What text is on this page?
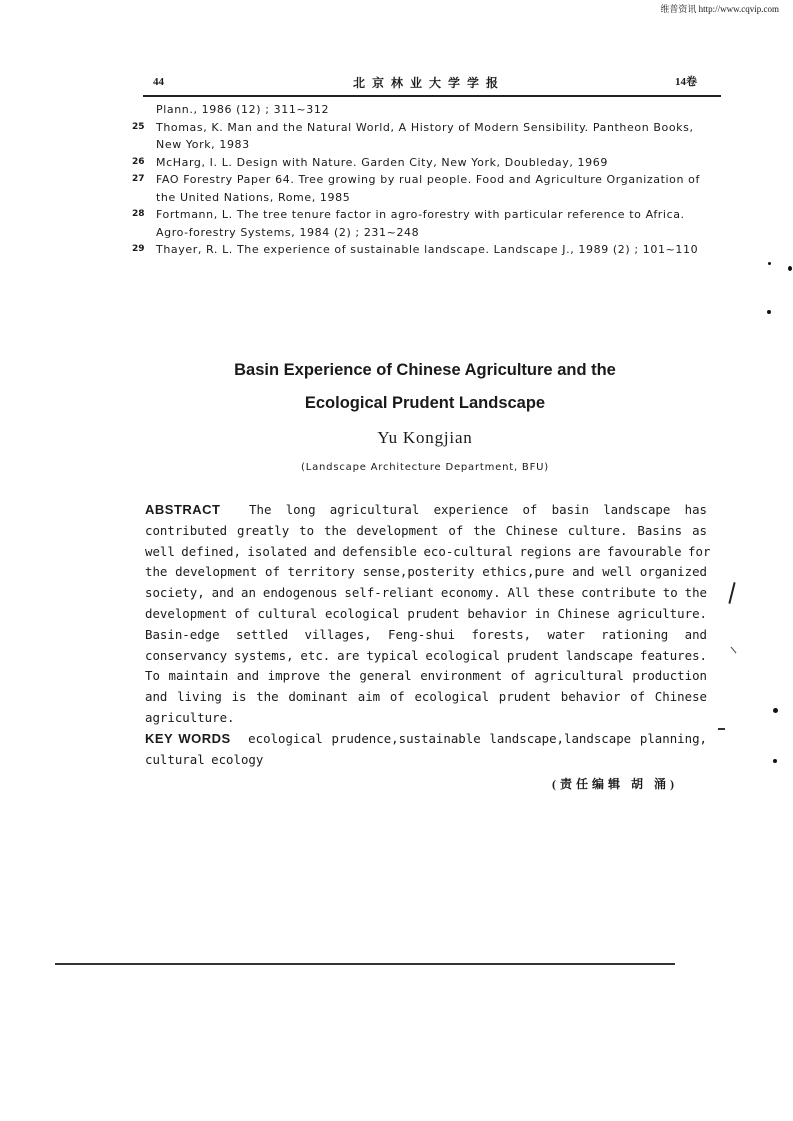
维普资讯 http://www.cqvip.com
44	北京林业大学学报	14卷
Plann., 1986 (12) ; 311~312
25 Thomas, K. Man and the Natural World, A History of Modern Sensibility. Pantheon Books, New York, 1983
26 McHarg, I. L. Design with Nature. Garden City, New York, Doubleday, 1969
27 FAO Forestry Paper 64. Tree growing by rual people. Food and Agriculture Organization of the United Nations, Rome, 1985
28 Fortmann, L. The tree tenure factor in agro-forestry with particular reference to Africa. Agro-forestry Systems, 1984 (2) ; 231~248
29 Thayer, R. L. The experience of sustainable landscape. Landscape J., 1989 (2) ; 101~110
Basin Experience of Chinese Agriculture and the
Ecological Prudent Landscape
Yu Kongjian
(Landscape Architecture Department, BFU)
ABSTRACT The long agricultural experience of basin landscape has
contributed greatly to the development of the Chinese culture. Basins as
well defined, isolated and defensible eco-cultural regions are favourable for
the development of territory sense,posterity ethics,pure and well organized
society, and an endogenous self-reliant economy. All these contribute to the
development of cultural ecological prudent behavior in Chinese agriculture.
Basin-edge settled villages, Feng-shui forests, water rationing and
conservancy systems, etc. are typical ecological prudent landscape features.
To maintain and improve the general environment of agricultural production
and living is the dominant aim of ecological prudent behavior of Chinese
agriculture.
KEY WORDS ecological prudence,sustainable landscape,landscape planning,
cultural ecology
(责任编辑 胡 涌)
